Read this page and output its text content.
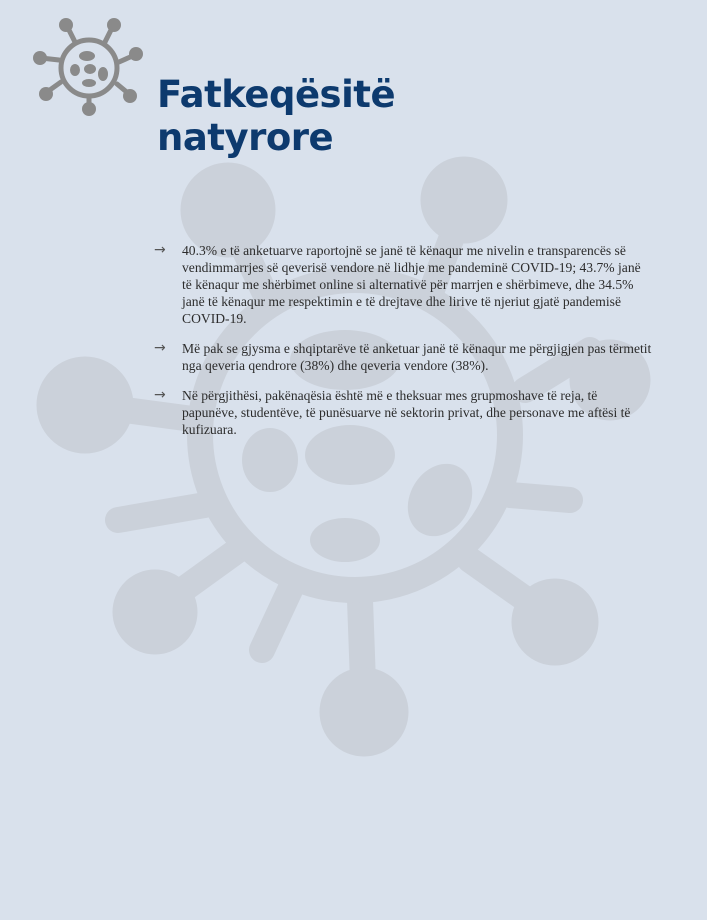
Fatkeqësitë
natyrore
→ 40.3% e të anketuarve raportojnë se janë të kënaqur me nivelin e transparencës së vendimmarrjes së qeverisë vendore në lidhje me pandeminë COVID-19; 43.7% janë të kënaqur me shërbimet online si alternativë për marrjen e shërbimeve, dhe 34.5% janë të kënaqur me respektimin e të drejtave dhe lirive të njeriut gjatë pandemisë COVID-19.
→ Më pak se gjysma e shqiptarëve të anketuar janë të kënaqur me përgjigjen pas tërmetit nga qeveria qendrore (38%) dhe qeveria vendore (38%).
→ Në përgjithësi, pakënaqësia është më e theksuar mes grupmoshave të reja, të papunëve, studentëve, të punësuarve në sektorin privat, dhe personave me aftësi të kufizuara.
